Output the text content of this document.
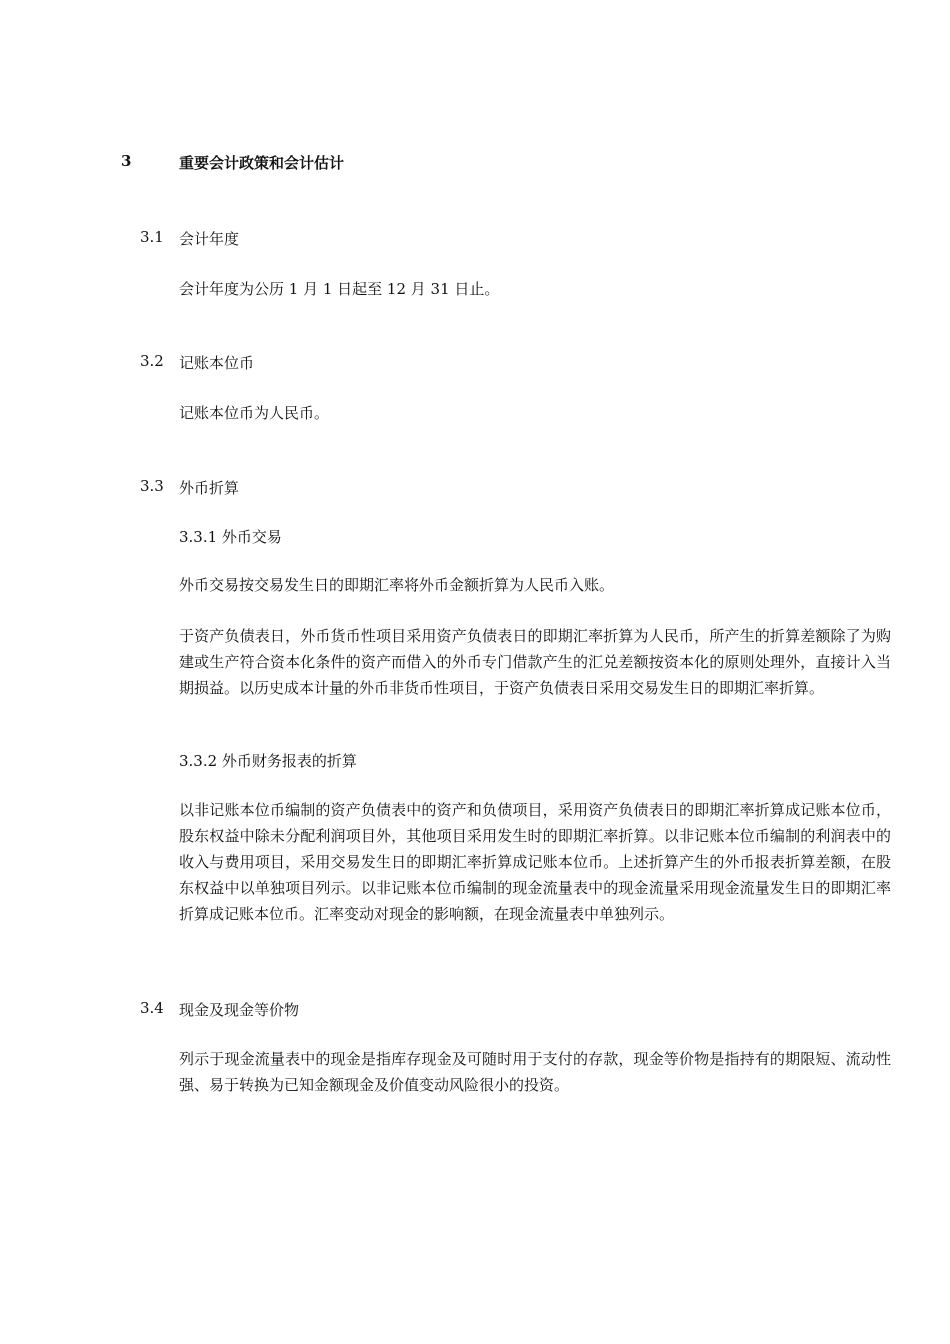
3	重要会计政策和会计估计
3.1 会计年度
会计年度为公历 1 月 1 日起至 12 月 31 日止。
3.2 记账本位币
记账本位币为人民币。
3.3 外币折算
3.3.1 外币交易
外币交易按交易发生日的即期汇率将外币金额折算为人民币入账。
于资产负债表日，外币货币性项目采用资产负债表日的即期汇率折算为人民币，所产生的折算差额除了为购建或生产符合资本化条件的资产而借入的外币专门借款产生的汇兑差额按资本化的原则处理外，直接计入当期损益。以历史成本计量的外币非货币性项目，于资产负债表日采用交易发生日的即期汇率折算。
3.3.2 外币财务报表的折算
以非记账本位币编制的资产负债表中的资产和负债项目，采用资产负债表日的即期汇率折算成记账本位币，股东权益中除未分配利润项目外，其他项目采用发生时的即期汇率折算。以非记账本位币编制的利润表中的收入与费用项目，采用交易发生日的即期汇率折算成记账本位币。上述折算产生的外币报表折算差额，在股东权益中以单独项目列示。以非记账本位币编制的现金流量表中的现金流量采用现金流量发生日的即期汇率折算成记账本位币。汇率变动对现金的影响额，在现金流量表中单独列示。
3.4 现金及现金等价物
列示于现金流量表中的现金是指库存现金及可随时用于支付的存款，现金等价物是指持有的期限短、流动性强、易于转换为已知金额现金及价值变动风险很小的投资。
